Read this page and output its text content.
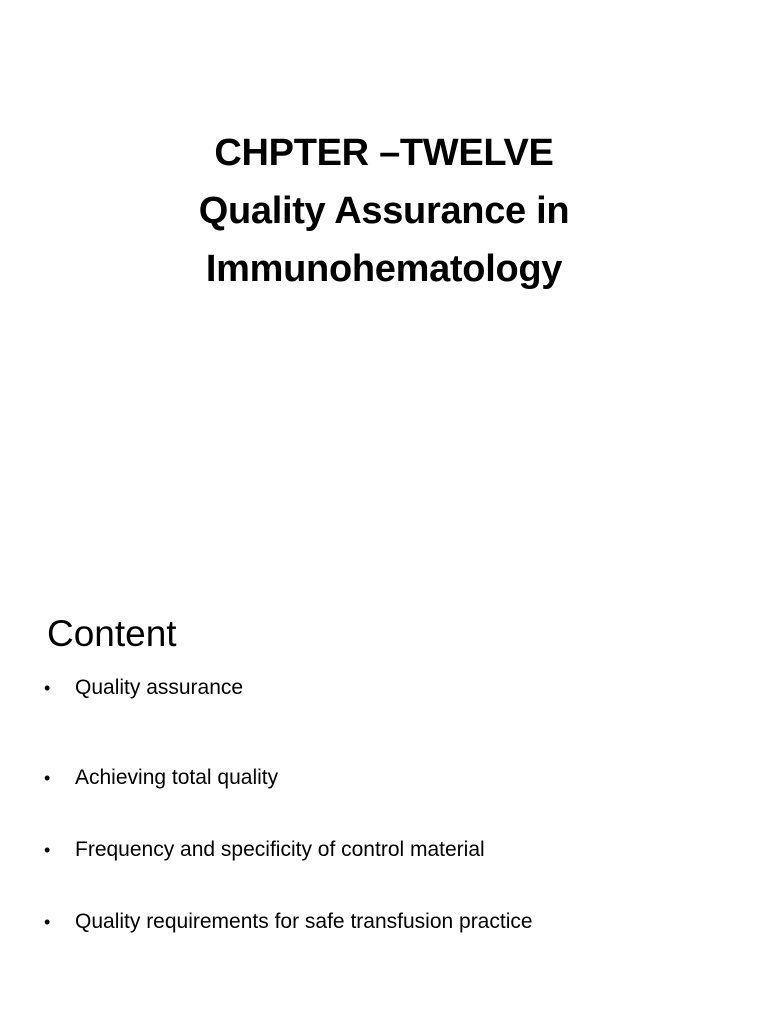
CHPTER –TWELVE
Quality Assurance in
Immunohematology
Content
•	Quality assurance
•	Achieving total quality
•	Frequency and specificity of control material
•	Quality requirements for safe transfusion practice
